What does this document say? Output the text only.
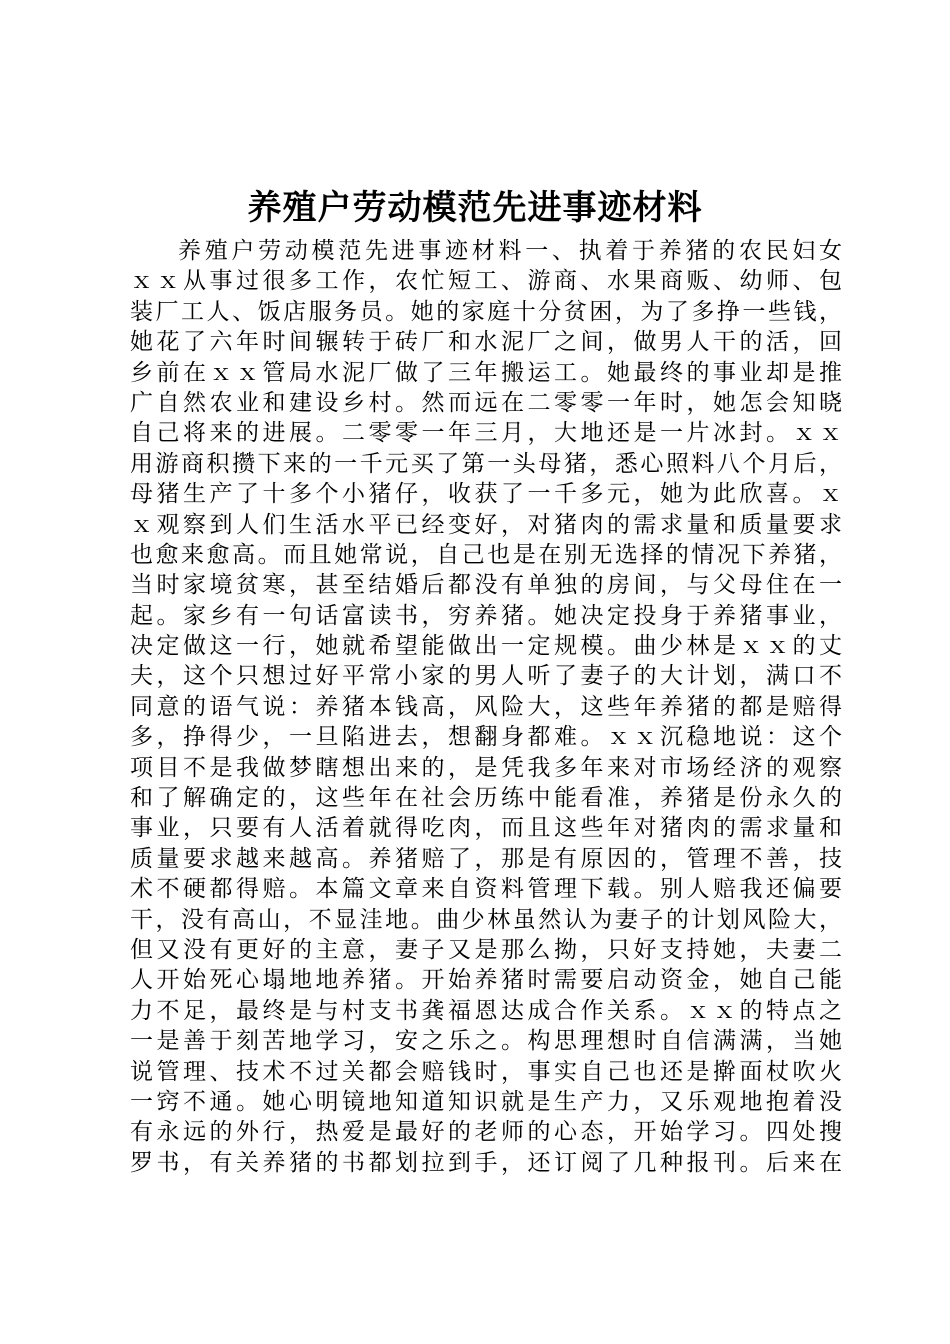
养殖户劳动模范先进事迹材料
养殖户劳动模范先进事迹材料一、执着于养猪的农民妇女
ｘｘ从事过很多工作，农忙短工、游商、水果商贩、幼师、包
装厂工人、饭店服务员。她的家庭十分贫困，为了多挣一些钱，
她花了六年时间辗转于砖厂和水泥厂之间，做男人干的活，回
乡前在ｘｘ管局水泥厂做了三年搬运工。她最终的事业却是推
广自然农业和建设乡村。然而远在二零零一年时，她怎会知晓
自己将来的进展。二零零一年三月，大地还是一片冰封。ｘｘ
用游商积攒下来的一千元买了第一头母猪，悉心照料八个月后，
母猪生产了十多个小猪仔，收获了一千多元，她为此欣喜。ｘ
ｘ观察到人们生活水平已经变好，对猪肉的需求量和质量要求
也愈来愈高。而且她常说，自己也是在别无选择的情况下养猪，
当时家境贫寒，甚至结婚后都没有单独的房间，与父母住在一
起。家乡有一句话富读书，穷养猪。她决定投身于养猪事业，
决定做这一行，她就希望能做出一定规模。曲少林是ｘｘ的丈
夫，这个只想过好平常小家的男人听了妻子的大计划，满口不
同意的语气说：养猪本钱高，风险大，这些年养猪的都是赔得
多，挣得少，一旦陷进去，想翻身都难。ｘｘ沉稳地说：这个
项目不是我做梦瞎想出来的，是凭我多年来对市场经济的观察
和了解确定的，这些年在社会历练中能看准，养猪是份永久的
事业，只要有人活着就得吃肉，而且这些年对猪肉的需求量和
质量要求越来越高。养猪赔了，那是有原因的，管理不善，技
术不硬都得赔。本篇文章来自资料管理下载。别人赔我还偏要
干，没有高山，不显洼地。曲少林虽然认为妻子的计划风险大，
但又没有更好的主意，妻子又是那么拗，只好支持她，夫妻二
人开始死心塌地地养猪。开始养猪时需要启动资金，她自己能
力不足，最终是与村支书龚福恩达成合作关系。ｘｘ的特点之
一是善于刻苦地学习，安之乐之。构思理想时自信满满，当她
说管理、技术不过关都会赔钱时，事实自己也还是擀面杖吹火
一窍不通。她心明镜地知道知识就是生产力，又乐观地抱着没
有永远的外行，热爱是最好的老师的心态，开始学习。四处搜
罗书，有关养猪的书都划拉到手，还订阅了几种报刊。后来在
